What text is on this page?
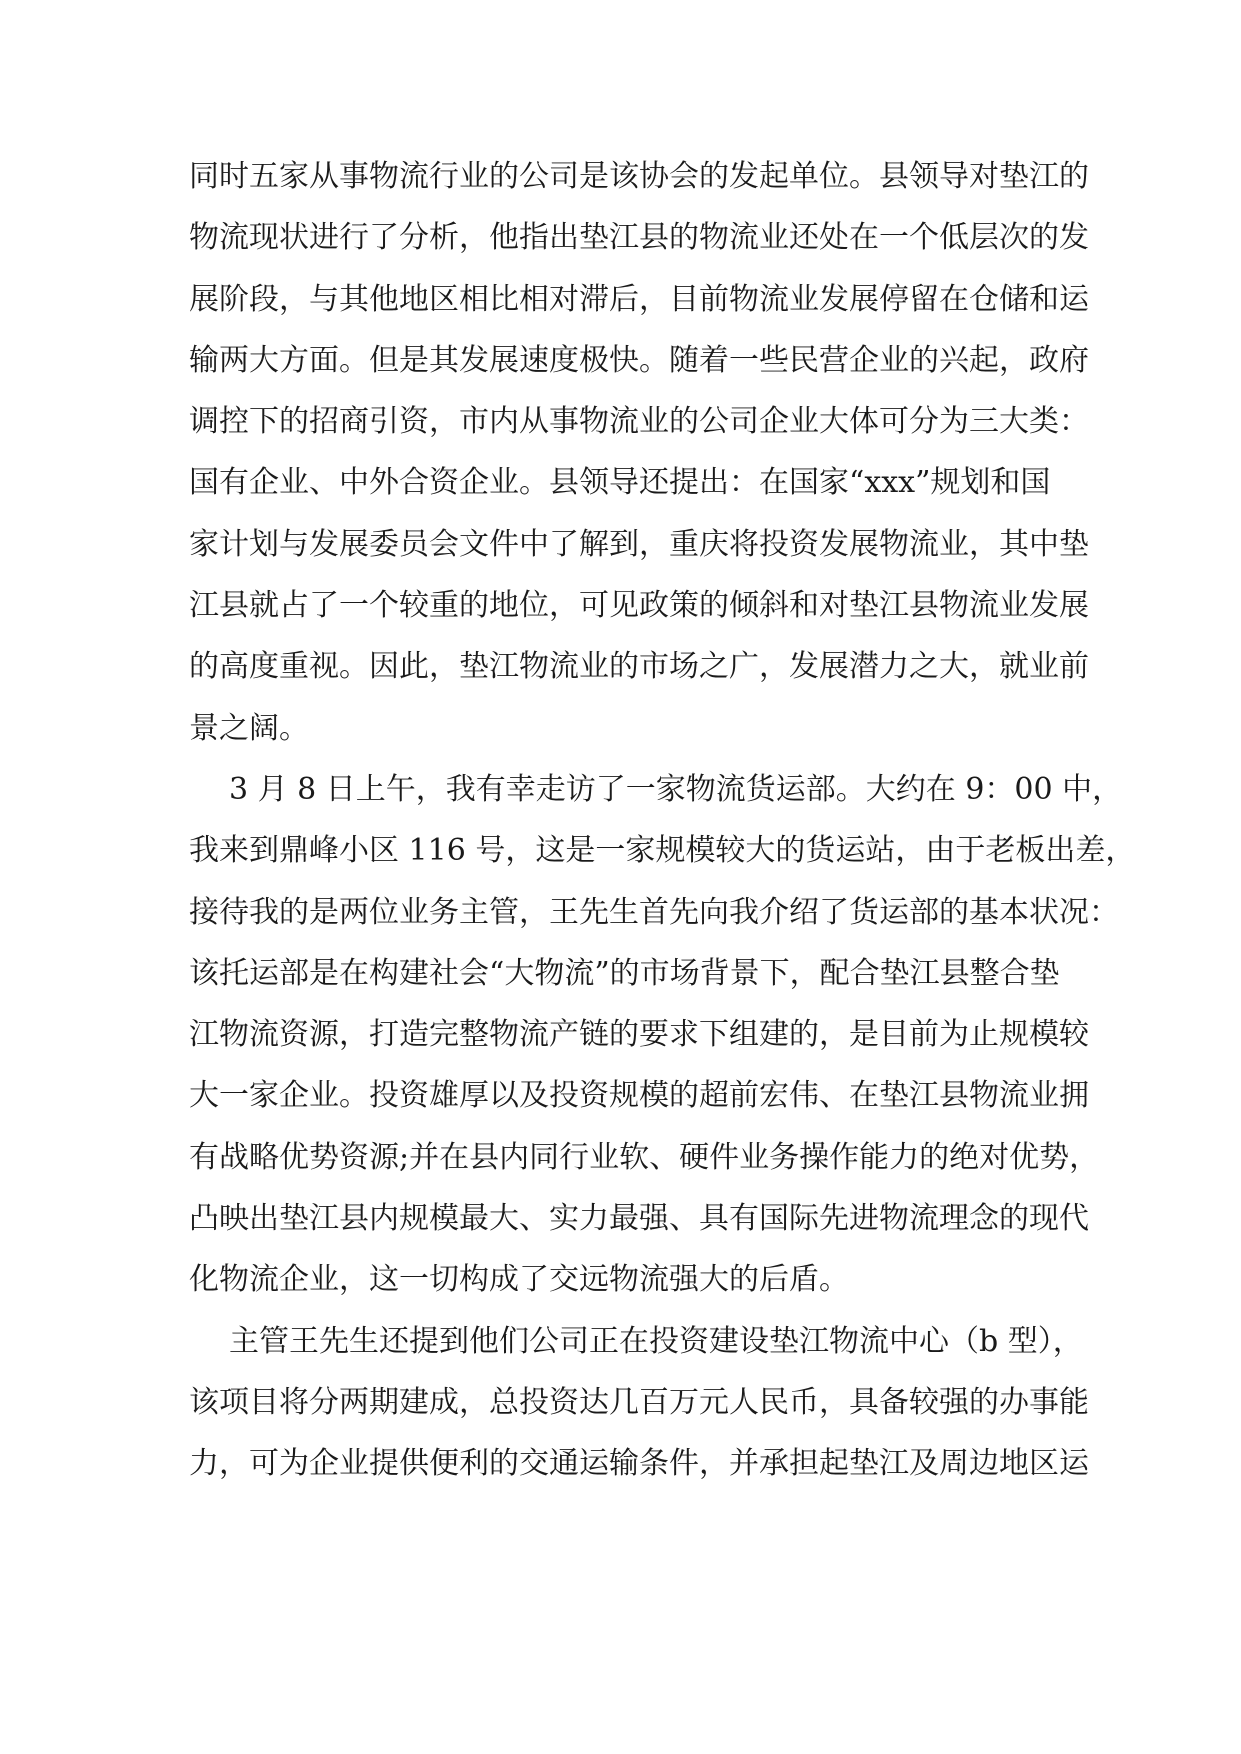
同时五家从事物流行业的公司是该协会的发起单位。县领导对垫江的
物流现状进行了分析，他指出垫江县的物流业还处在一个低层次的发
展阶段，与其他地区相比相对滞后，目前物流业发展停留在仓储和运
输两大方面。但是其发展速度极快。随着一些民营企业的兴起，政府
调控下的招商引资，市内从事物流业的公司企业大体可分为三大类：
国有企业、中外合资企业。县领导还提出：在国家“xxx”规划和国
家计划与发展委员会文件中了解到，重庆将投资发展物流业，其中垫
江县就占了一个较重的地位，可见政策的倾斜和对垫江县物流业发展
的高度重视。因此，垫江物流业的市场之广，发展潜力之大，就业前
景之阔。
3 月 8 日上午，我有幸走访了一家物流货运部。大约在 9：00 中，
我来到鼎峰小区 116 号，这是一家规模较大的货运站，由于老板出差，
接待我的是两位业务主管，王先生首先向我介绍了货运部的基本状况：
该托运部是在构建社会“大物流”的市场背景下，配合垫江县整合垫
江物流资源，打造完整物流产链的要求下组建的，是目前为止规模较
大一家企业。投资雄厚以及投资规模的超前宏伟、在垫江县物流业拥
有战略优势资源;并在县内同行业软、硬件业务操作能力的绝对优势，
凸映出垫江县内规模最大、实力最强、具有国际先进物流理念的现代
化物流企业，这一切构成了交远物流强大的后盾。
主管王先生还提到他们公司正在投资建设垫江物流中心（b 型），
该项目将分两期建成，总投资达几百万元人民币，具备较强的办事能
力，可为企业提供便利的交通运输条件，并承担起垫江及周边地区运
